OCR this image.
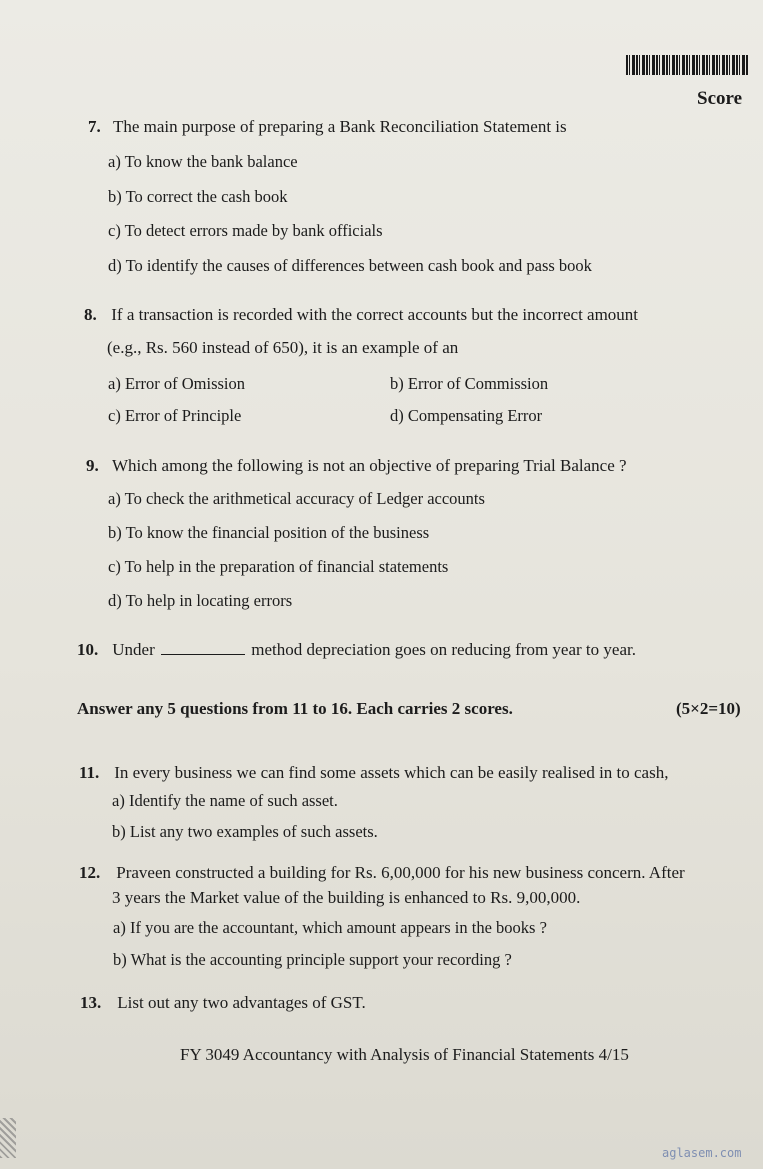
Score
7. The main purpose of preparing a Bank Reconciliation Statement is
a) To know the bank balance
b) To correct the cash book
c) To detect errors made by bank officials
d) To identify the causes of differences between cash book and pass book
8. If a transaction is recorded with the correct accounts but the incorrect amount
(e.g., Rs. 560 instead of 650), it is an example of an
a) Error of Omission	b) Error of Commission
c) Error of Principle	d) Compensating Error
9. Which among the following is not an objective of preparing Trial Balance ?
a) To check the arithmetical accuracy of Ledger accounts
b) To know the financial position of the business
c) To help in the preparation of financial statements
d) To help in locating errors
10. Under	method depreciation goes on reducing from year to year.
Answer any 5 questions from 11 to 16. Each carries 2 scores.	(5×2=10)
11. In every business we can find some assets which can be easily realised in to cash,
a) Identify the name of such asset.
b) List any two examples of such assets.
12. Praveen constructed a building for Rs. 6,00,000 for his new business concern. After
3 years the Market value of the building is enhanced to Rs. 9,00,000.
a) If you are the accountant, which amount appears in the books ?
b) What is the accounting principle support your recording ?
13. List out any two advantages of GST.
FY 3049 Accountancy with Analysis of Financial Statements 4/15
aglasem.com
